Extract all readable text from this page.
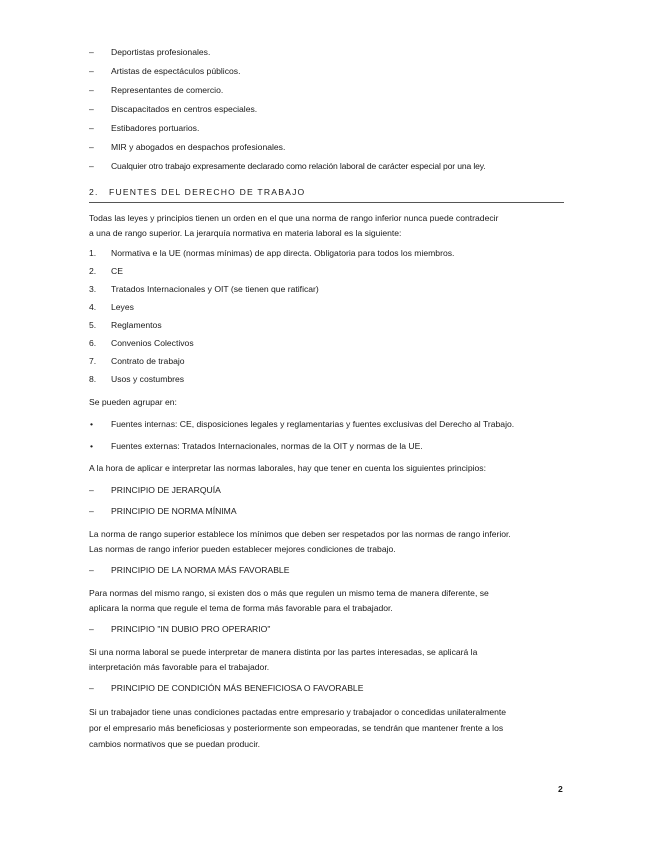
– Deportistas profesionales.
– Artistas de espectáculos públicos.
– Representantes de comercio.
– Discapacitados en centros especiales.
– Estibadores portuarios.
– MIR y abogados en despachos profesionales.
– Cualquier otro trabajo expresamente declarado como relación laboral de carácter especial por una ley.
2. FUENTES DEL DERECHO DE TRABAJO
Todas las leyes y principios tienen un orden en el que una norma de rango inferior nunca puede contradecir
a una de rango superior. La jerarquía normativa en materia laboral es la siguiente:
1. Normativa e la UE (normas mínimas) de app directa. Obligatoria para todos los miembros.
2. CE
3. Tratados Internacionales y OIT (se tienen que ratificar)
4. Leyes
5. Reglamentos
6. Convenios Colectivos
7. Contrato de trabajo
8. Usos y costumbres
Se pueden agrupar en:
• Fuentes internas: CE, disposiciones legales y reglamentarias y fuentes exclusivas del Derecho al Trabajo.
• Fuentes externas: Tratados Internacionales, normas de la OIT y normas de la UE.
A la hora de aplicar e interpretar las normas laborales, hay que tener en cuenta los siguientes principios:
– PRINCIPIO DE JERARQUÍA
– PRINCIPIO DE NORMA MÍNIMA
La norma de rango superior establece los mínimos que deben ser respetados por las normas de rango inferior.
Las normas de rango inferior pueden establecer mejores condiciones de trabajo.
– PRINCIPIO DE LA NORMA MÁS FAVORABLE
Para normas del mismo rango, si existen dos o más que regulen un mismo tema de manera diferente, se
aplicara la norma que regule el tema de forma más favorable para el trabajador.
– PRINCIPIO "IN DUBIO PRO OPERARIO"
Si una norma laboral se puede interpretar de manera distinta por las partes interesadas, se aplicará la
interpretación más favorable para el trabajador.
– PRINCIPIO DE CONDICIÓN MÁS BENEFICIOSA O FAVORABLE
Si un trabajador tiene unas condiciones pactadas entre empresario y trabajador o concedidas unilateralmente
por el empresario más beneficiosas y posteriormente son empeoradas, se tendrán que mantener frente a los
cambios normativos que se puedan producir.
2
